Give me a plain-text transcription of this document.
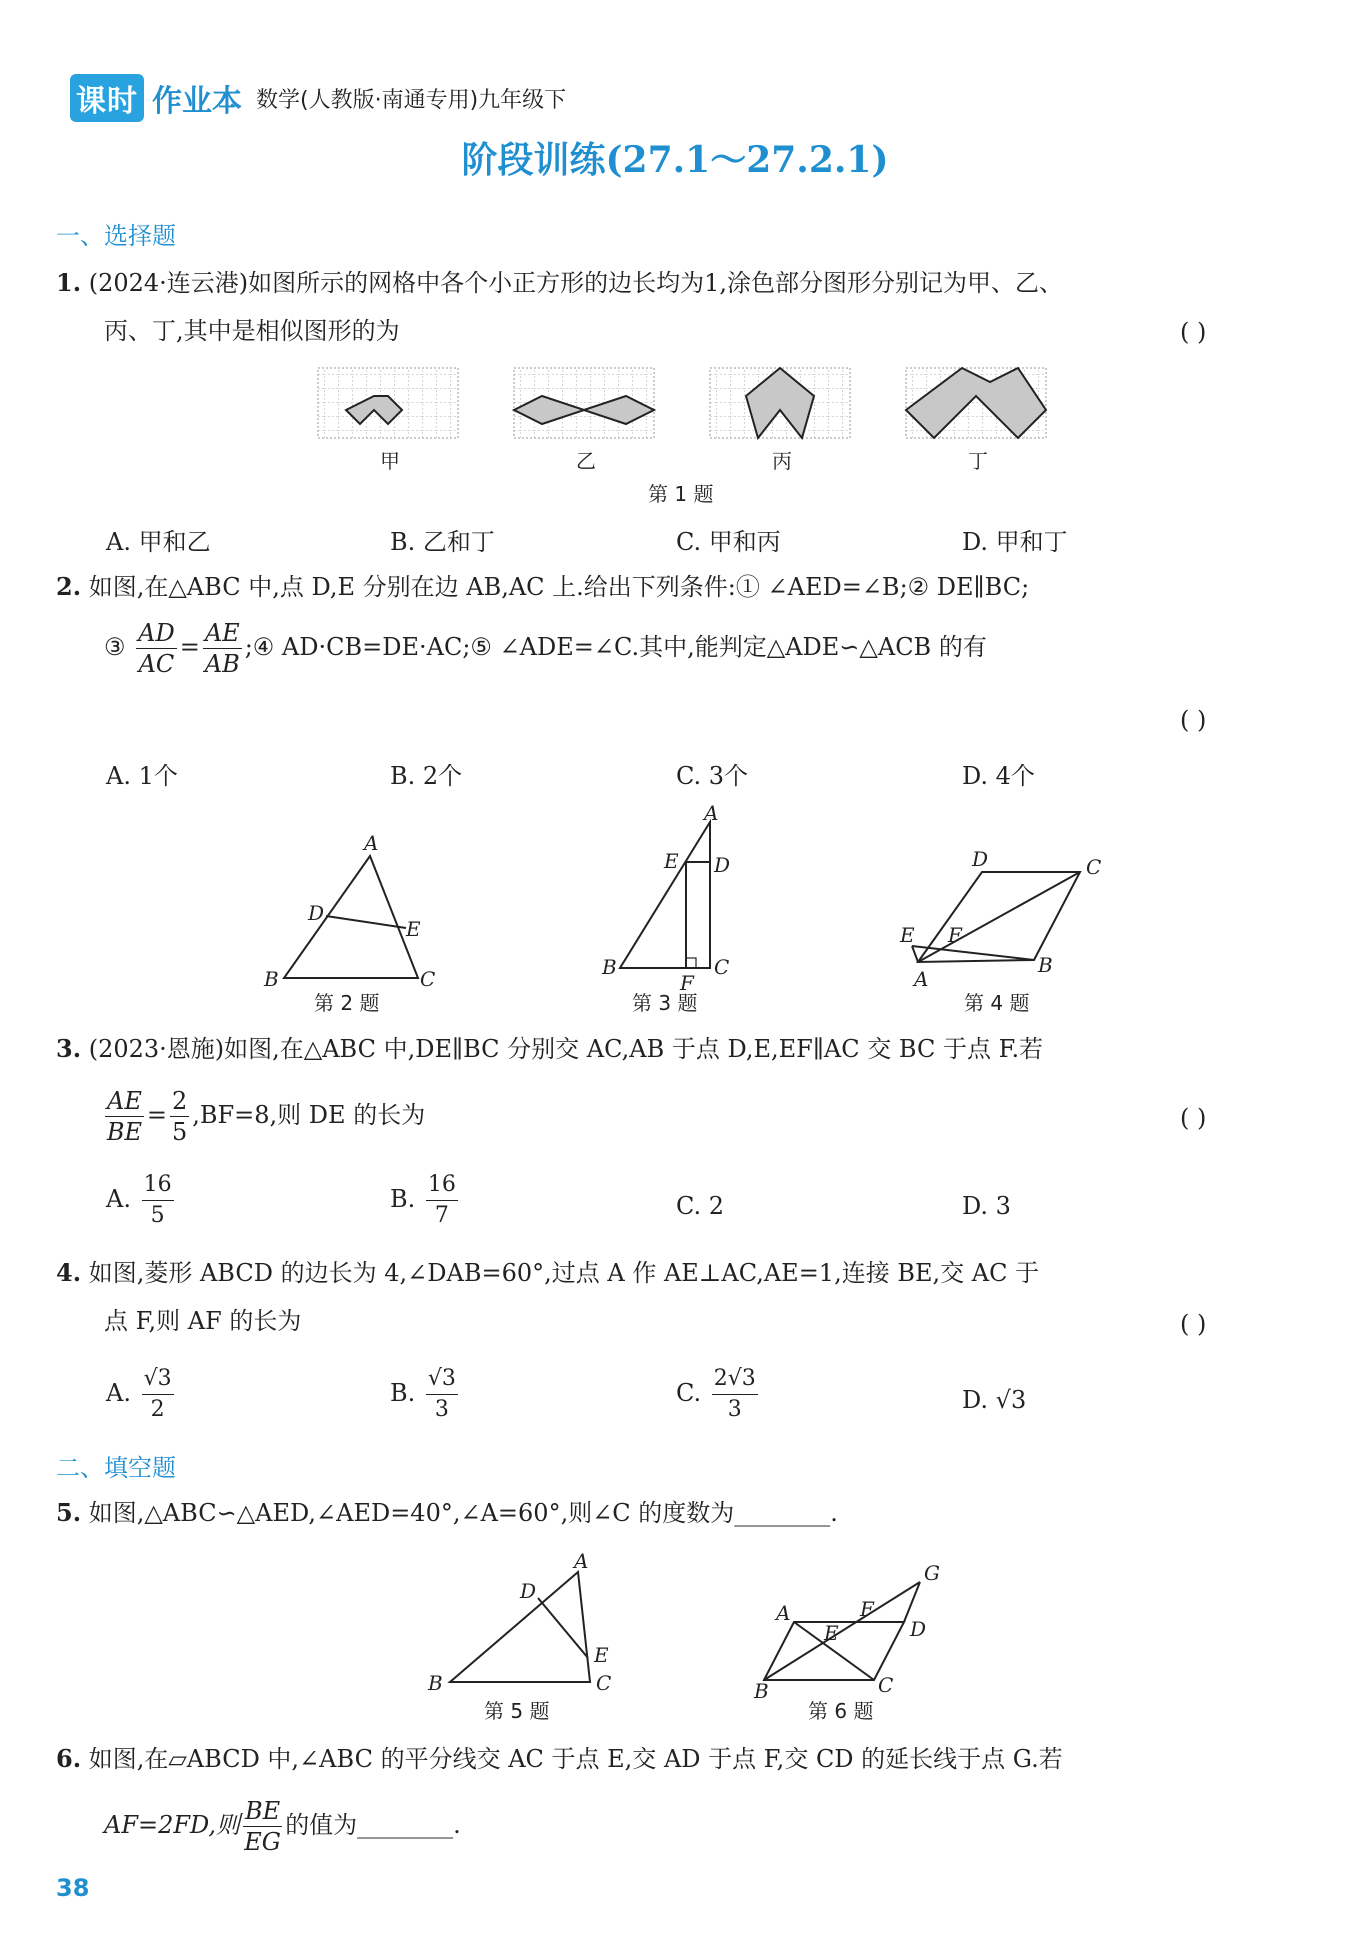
课时 作业本 数学(人教版·南通专用)九年级下
阶段训练(27.1～27.2.1)
一、选择题
1. (2024·连云港)如图所示的网格中各个小正方形的边长均为1,涂色部分图形分别记为甲、乙、
丙、丁,其中是相似图形的为	( )
甲	乙	丙	丁
第 1 题
A. 甲和乙	B. 乙和丁	C. 甲和丙	D. 甲和丁
2. 如图,在△ABC 中,点 D,E 分别在边 AB,AC 上.给出下列条件:① ∠AED=∠B;② DE∥BC;
③ $\frac{AD}{AC} = \frac{AE}{AB}$ ;④ AD·CB=DE·AC;⑤ ∠ADE=∠C.其中,能判定△ADE∽△ACB 的有
( )
A. 1个	B. 2个	C. 3个	D. 4个
A
D
E
B	C
第 2 题
A
E D
B
F
C
第 3 题
D	C
E F
A
B
第 4 题
3. (2023·恩施)如图,在△ABC 中,DE∥BC 分别交 AC,AB 于点 D,E,EF∥AC 交 BC 于点 F.若
$\frac{AE}{BE} = \frac{2}{5} ,BF=8$,则 DE 的长为	( )
A. $\frac{16}{5}$	B. $\frac{16}{7}$	C. 2	D. 3
4. 如图,菱形 ABCD 的边长为 4,∠DAB=60°,过点 A 作 AE⊥AC,AE=1,连接 BE,交 AC 于
点 F,则 AF 的长为	( )
A. $\frac{√3}{2}$	B. $\frac{√3}{3}$	C. $\frac{2√3}{3}$	D. √3
二、填空题
5. 如图,△ABC∽△AED,∠AED=40°,∠A=60°,则∠C 的度数为________.
A
D
E
B	C
第 5 题
G
A	F
E	D
B	C
第 6 题
6. 如图,在▱ABCD 中,∠ABC 的平分线交 AC 于点 E,交 AD 于点 F,交 CD 的延长线于点 G.若
AF=2FD,则 $\frac{BE}{EG}$ 的值为________.
38
